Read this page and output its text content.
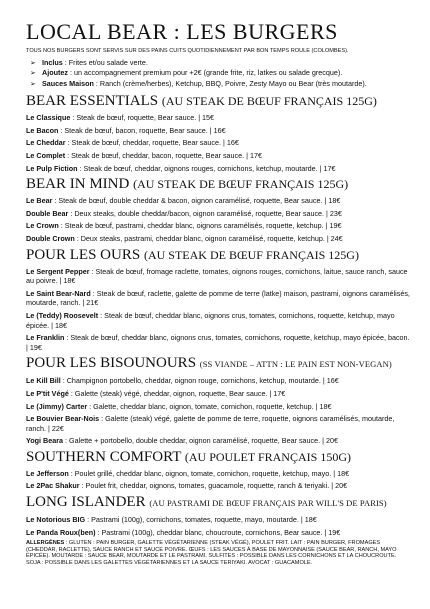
LOCAL BEAR : LES BURGERS
TOUS NOS BURGERS SONT SERVIS SUR DES PAINS CUITS QUOTIDIENNEMENT PAR BON TEMPS ROULE (COLOMBES).
➢ Inclus : Frites et/ou salade verte.
➢ Ajoutez : un accompagnement premium pour +2€ (grande frite, riz, latkes ou salade grecque).
➢ Sauces Maison : Ranch (crème/herbes), Ketchup, BBQ, Poivre, Zesty Mayo ou Bear (très moutarde).
BEAR ESSENTIALS (AU STEAK DE BŒUF FRANÇAIS 125G)
Le Classique : Steak de bœuf, roquette, Bear sauce. | 15€
Le Bacon : Steak de bœuf, bacon, roquette, Bear sauce. | 16€
Le Cheddar : Steak de bœuf, cheddar, roquette, Bear sauce. | 16€
Le Complet : Steak de bœuf, cheddar, bacon, roquette, Bear sauce. | 17€
Le Pulp Fiction : Steak de bœuf, cheddar, oignons rouges, cornichons, ketchup, moutarde. | 17€
BEAR IN MIND (AU STEAK DE BŒUF FRANÇAIS 125G)
Le Bear : Steak de bœuf, double cheddar & bacon, oignon caramélisé, roquette, Bear sauce. | 18€
Double Bear : Deux steaks, double cheddar/bacon, oignon caramélisé, roquette, Bear sauce. | 23€
Le Crown : Steak de bœuf, pastrami, cheddar blanc, oignons caramélisés, roquette, ketchup. | 19€
Double Crown : Deux steaks, pastrami, cheddar blanc, oignon caramélisé, roquette, ketchup. | 24€
POUR LES OURS (AU STEAK DE BŒUF FRANÇAIS 125G)
Le Sergent Pepper : Steak de bœuf, fromage raclette, tomates, oignons rouges, cornichons, laitue, sauce ranch, sauce au poivre. | 18€
Le Saint Bear-Nard : Steak de bœuf, raclette, galette de pomme de terre (latke) maison, pastrami, oignons caramélisés, moutarde, ranch. | 21€
Le (Teddy) Roosevelt : Steak de bœuf, cheddar blanc, oignons crus, tomates, cornichons, roquette, ketchup, mayo épicée. | 18€
Le Franklin : Steak de bœuf, cheddar blanc, oignons crus, tomates, cornichons, roquette, ketchup, mayo épicée, bacon. | 19€
POUR LES BISOUNOURS (SS VIANDE – ATTN : LE PAIN EST NON-VEGAN)
Le Kill Bill : Champignon portobello, cheddar, oignon rouge, cornichons, ketchup, moutarde. | 16€
Le P'tit Végé : Galette (steak) végé, cheddar, oignon, roquette, Bear sauce. | 17€
Le (Jimmy) Carter : Galette, cheddar blanc, oignon, tomate, cornichon, roquette, ketchup. | 18€
Le Bouvier Bear-Nois : Galette (steak) végé, galette de pomme de terre, roquette, oignons caramélisés, moutarde, ranch. | 22€
Yogi Beara : Galette + portobello, double cheddar, oignon caramélisé, roquette, Bear sauce. | 20€
SOUTHERN COMFORT (AU POULET FRANÇAIS 150G)
Le Jefferson : Poulet grillé, cheddar blanc, oignon, tomate, cornichon, roquette, ketchup, mayo. | 18€
Le 2Pac Shakur : Poulet frit, cheddar, oignons, tomates, guacamole, roquette, ranch & teriyaki. | 20€
LONG ISLANDER (AU PASTRAMI DE BŒUF FRANÇAIS PAR WILL'S DE PARIS)
Le Notorious BIG : Pastrami (100g), cornichons, tomates, roquette, mayo, moutarde. | 18€
Le Panda Roux(ben) : Pastrami (100g), cheddar blanc, choucroute, cornichons, Bear sauce. | 19€
ALLERGÈNES : GLUTEN : PAIN BURGER, GALETTE VÉGÉTARIENNE (STEAK VÉGÉ), POULET FRIT. LAIT : PAIN BURGER, FROMAGES (CHEDDAR, RACLETTE), SAUCE RANCH ET SAUCE POIVRE. ŒUFS : LES SAUCES À BASE DE MAYONNAISE (SAUCE BEAR, RANCH, MAYO ÉPICÉE). MOUTARDE : SAUCE BEAR, MOUTARDE ET LE PASTRAMI. SULFITES : POSSIBLE DANS LES CORNICHONS ET LA CHOUCROUTE. SOJA : POSSIBLE DANS LES GALETTES VÉGÉTARIENNES ET LA SAUCE TERIYAKI. AVOCAT : GUACAMOLE.
